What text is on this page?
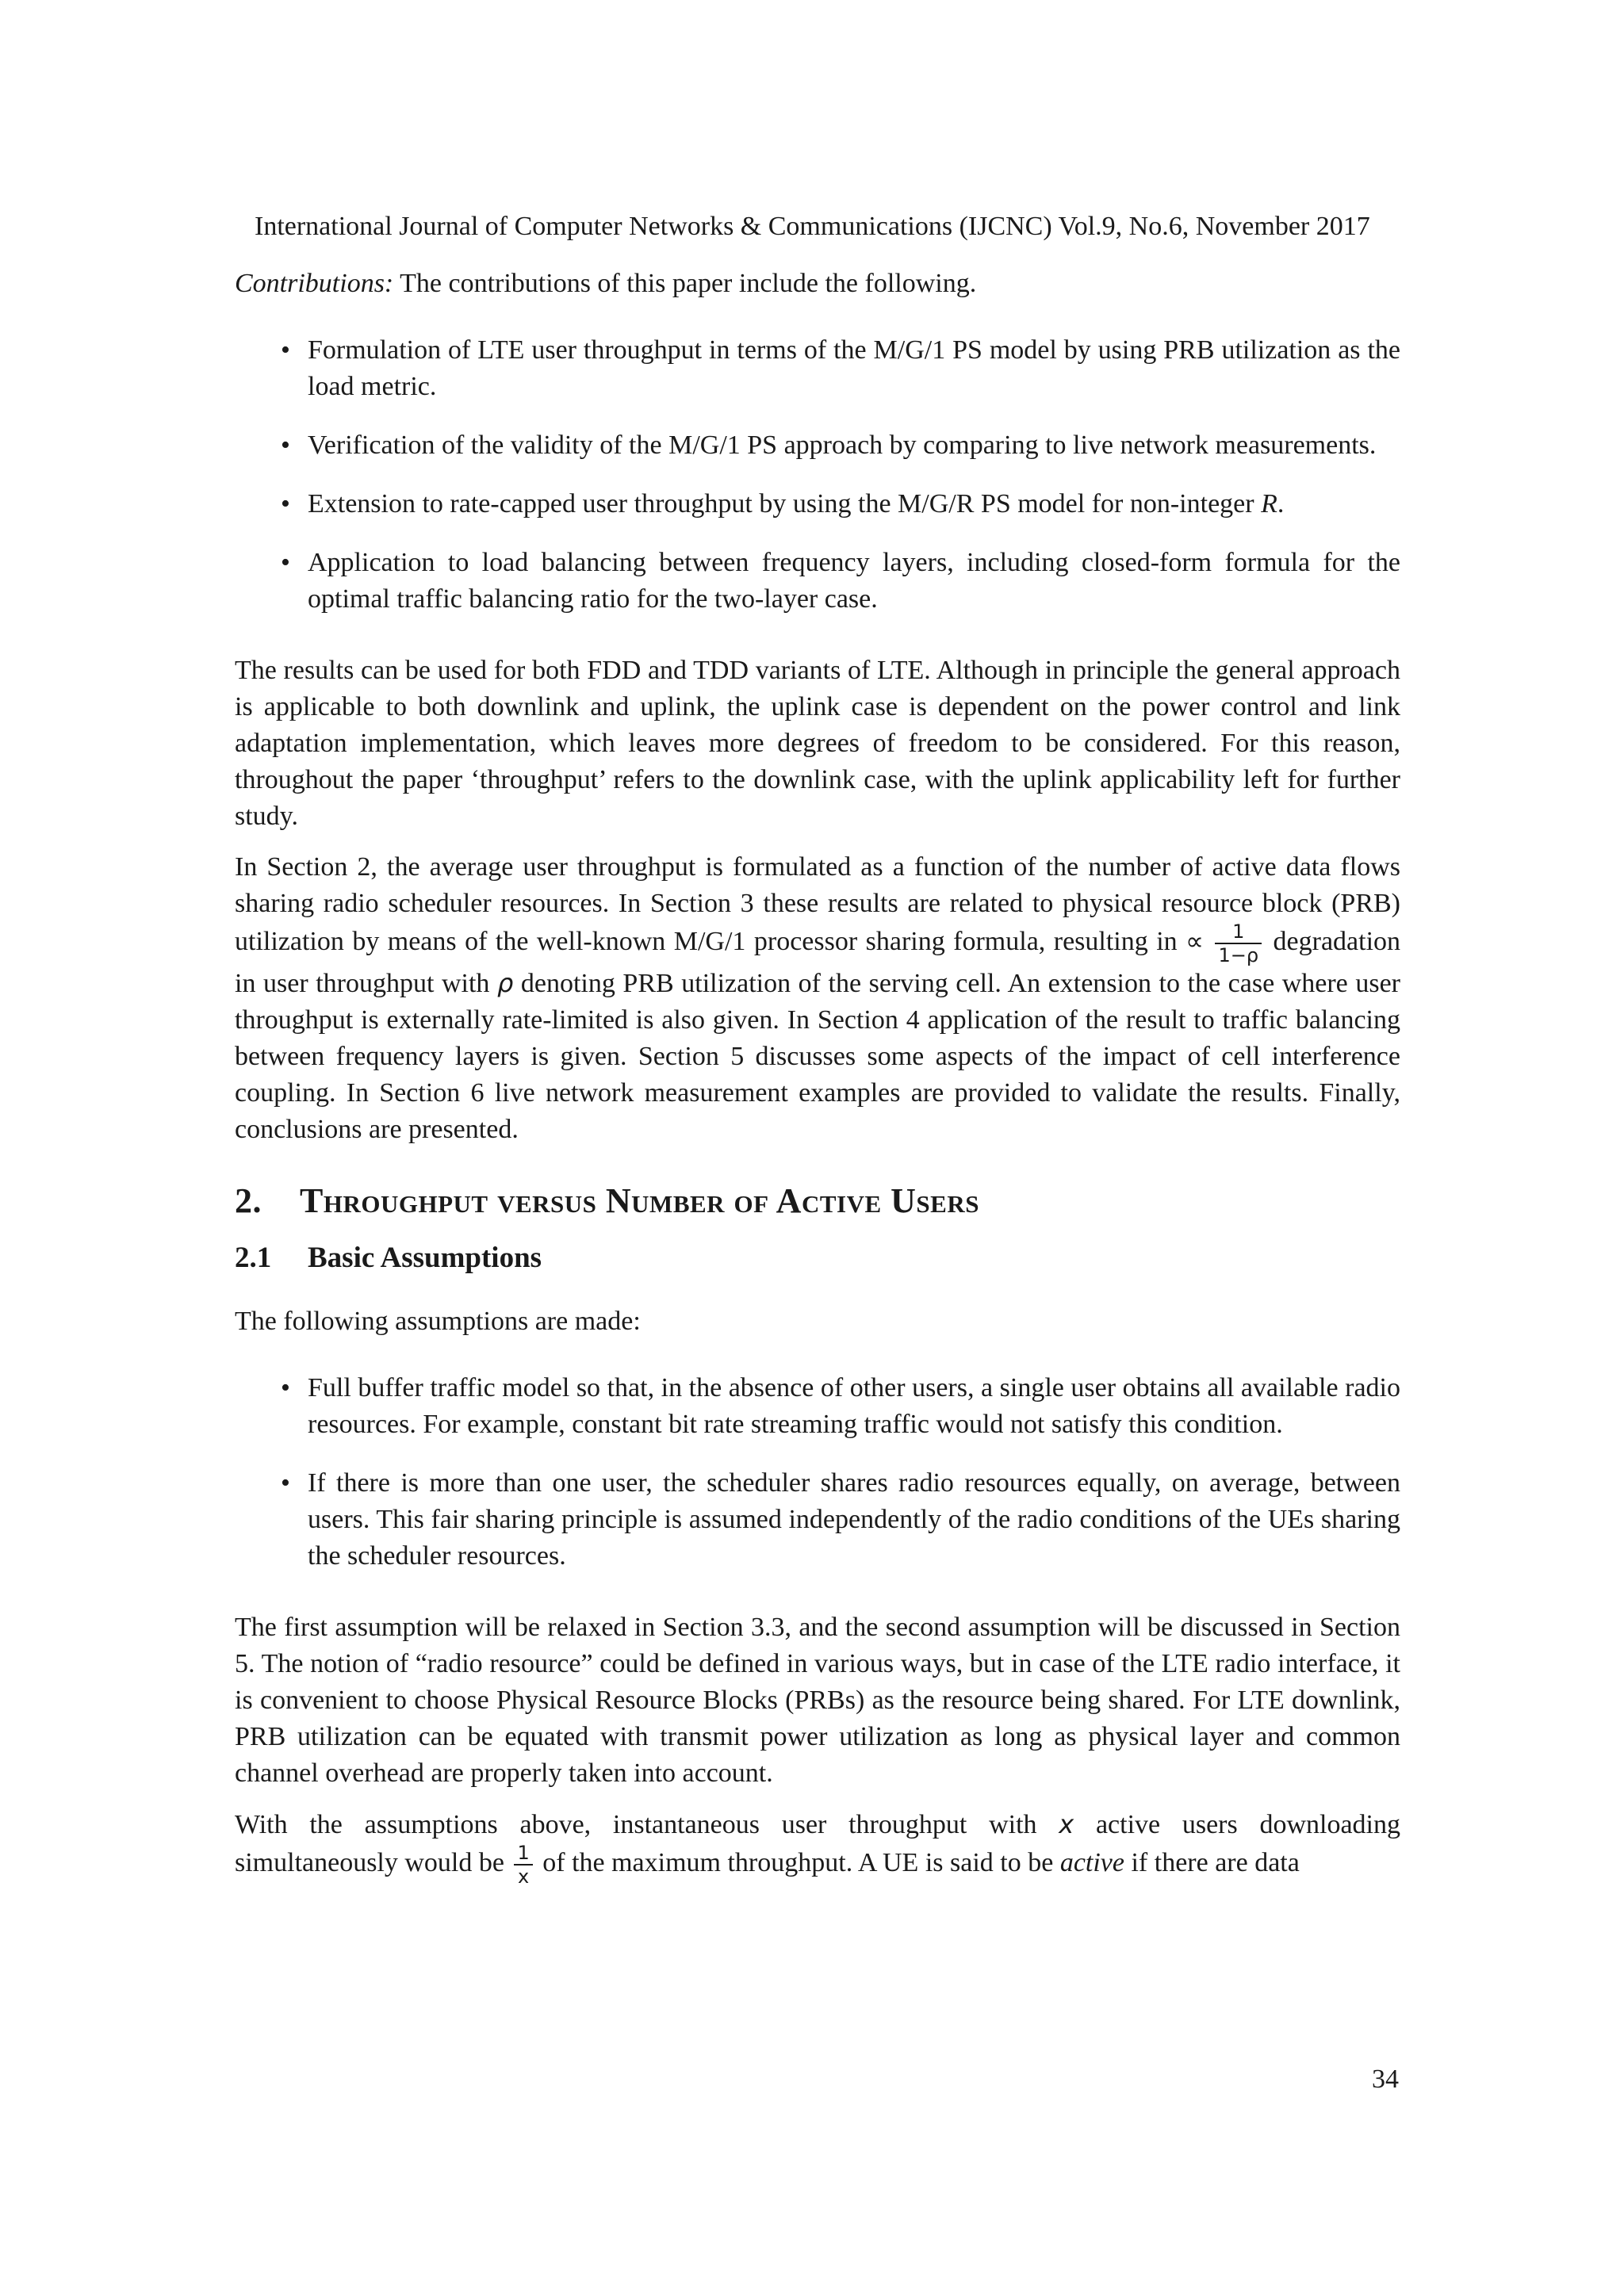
International Journal of Computer Networks & Communications (IJCNC) Vol.9, No.6, November 2017

Contributions: The contributions of this paper include the following.

• Formulation of LTE user throughput in terms of the M/G/1 PS model by using PRB utilization as the load metric.
• Verification of the validity of the M/G/1 PS approach by comparing to live network measurements.
• Extension to rate-capped user throughput by using the M/G/R PS model for non-integer R.
• Application to load balancing between frequency layers, including closed-form formula for the optimal traffic balancing ratio for the two-layer case.

The results can be used for both FDD and TDD variants of LTE. Although in principle the general approach is applicable to both downlink and uplink, the uplink case is dependent on the power control and link adaptation implementation, which leaves more degrees of freedom to be considered. For this reason, throughout the paper ‘throughput’ refers to the downlink case, with the uplink applicability left for further study.

In Section 2, the average user throughput is formulated as a function of the number of active data flows sharing radio scheduler resources. In Section 3 these results are related to physical resource block (PRB) utilization by means of the well-known M/G/1 processor sharing formula, resulting in ∝ $\frac{1}{1-\rho}$ degradation in user throughput with ρ denoting PRB utilization of the serving cell. An extension to the case where user throughput is externally rate-limited is also given. In Section 4 application of the result to traffic balancing between frequency layers is given. Section 5 discusses some aspects of the impact of cell interference coupling. In Section 6 live network measurement examples are provided to validate the results. Finally, conclusions are presented.

2. Throughput versus Number of Active Users
2.1 Basic Assumptions

The following assumptions are made:

• Full buffer traffic model so that, in the absence of other users, a single user obtains all available radio resources. For example, constant bit rate streaming traffic would not satisfy this condition.
• If there is more than one user, the scheduler shares radio resources equally, on average, between users. This fair sharing principle is assumed independently of the radio conditions of the UEs sharing the scheduler resources.

The first assumption will be relaxed in Section 3.3, and the second assumption will be discussed in Section 5. The notion of “radio resource” could be defined in various ways, but in case of the LTE radio interface, it is convenient to choose Physical Resource Blocks (PRBs) as the resource being shared. For LTE downlink, PRB utilization can be equated with transmit power utilization as long as physical layer and common channel overhead are properly taken into account.

With the assumptions above, instantaneous user throughput with x active users downloading simultaneously would be $\frac{1}{x}$ of the maximum throughput. A UE is said to be active if there are data

34
